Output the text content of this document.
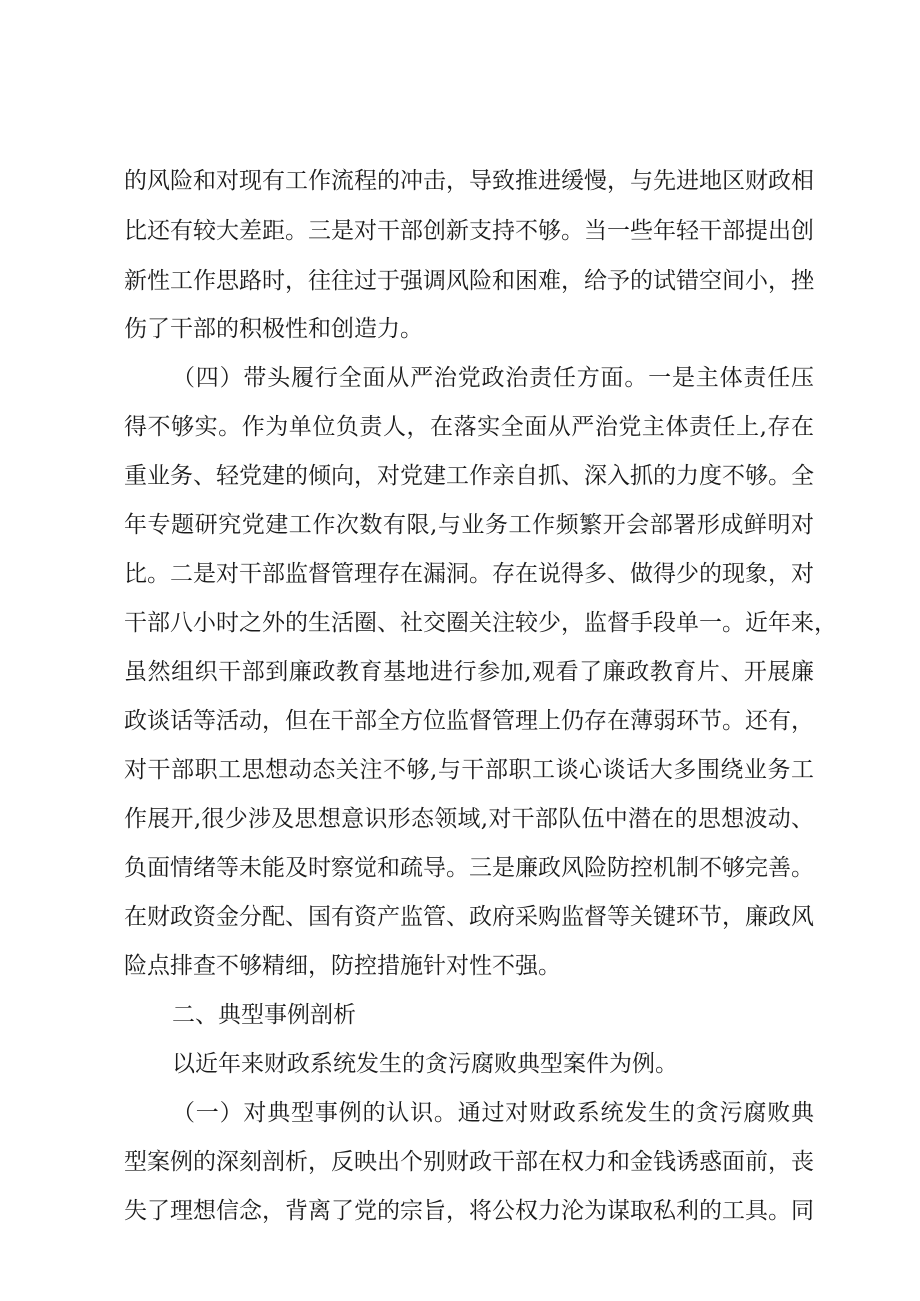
的风险和对现有工作流程的冲击，导致推进缓慢，与先进地区财政相
比还有较大差距。三是对干部创新支持不够。当一些年轻干部提出创
新性工作思路时，往往过于强调风险和困难，给予的试错空间小，挫
伤了干部的积极性和创造力。
（四）带头履行全面从严治党政治责任方面。一是主体责任压
得不够实。作为单位负责人，在落实全面从严治党主体责任上,存在
重业务、轻党建的倾向，对党建工作亲自抓、深入抓的力度不够。全
年专题研究党建工作次数有限,与业务工作频繁开会部署形成鲜明对
比。二是对干部监督管理存在漏洞。存在说得多、做得少的现象，对
干部八小时之外的生活圈、社交圈关注较少，监督手段单一。近年来，
虽然组织干部到廉政教育基地进行参加,观看了廉政教育片、开展廉
政谈话等活动，但在干部全方位监督管理上仍存在薄弱环节。还有，
对干部职工思想动态关注不够,与干部职工谈心谈话大多围绕业务工
作展开,很少涉及思想意识形态领域,对干部队伍中潜在的思想波动、
负面情绪等未能及时察觉和疏导。三是廉政风险防控机制不够完善。
在财政资金分配、国有资产监管、政府采购监督等关键环节，廉政风
险点排查不够精细，防控措施针对性不强。
二、典型事例剖析
以近年来财政系统发生的贪污腐败典型案件为例。
（一）对典型事例的认识。通过对财政系统发生的贪污腐败典
型案例的深刻剖析，反映出个别财政干部在权力和金钱诱惑面前，丧
失了理想信念，背离了党的宗旨，将公权力沦为谋取私利的工具。同
